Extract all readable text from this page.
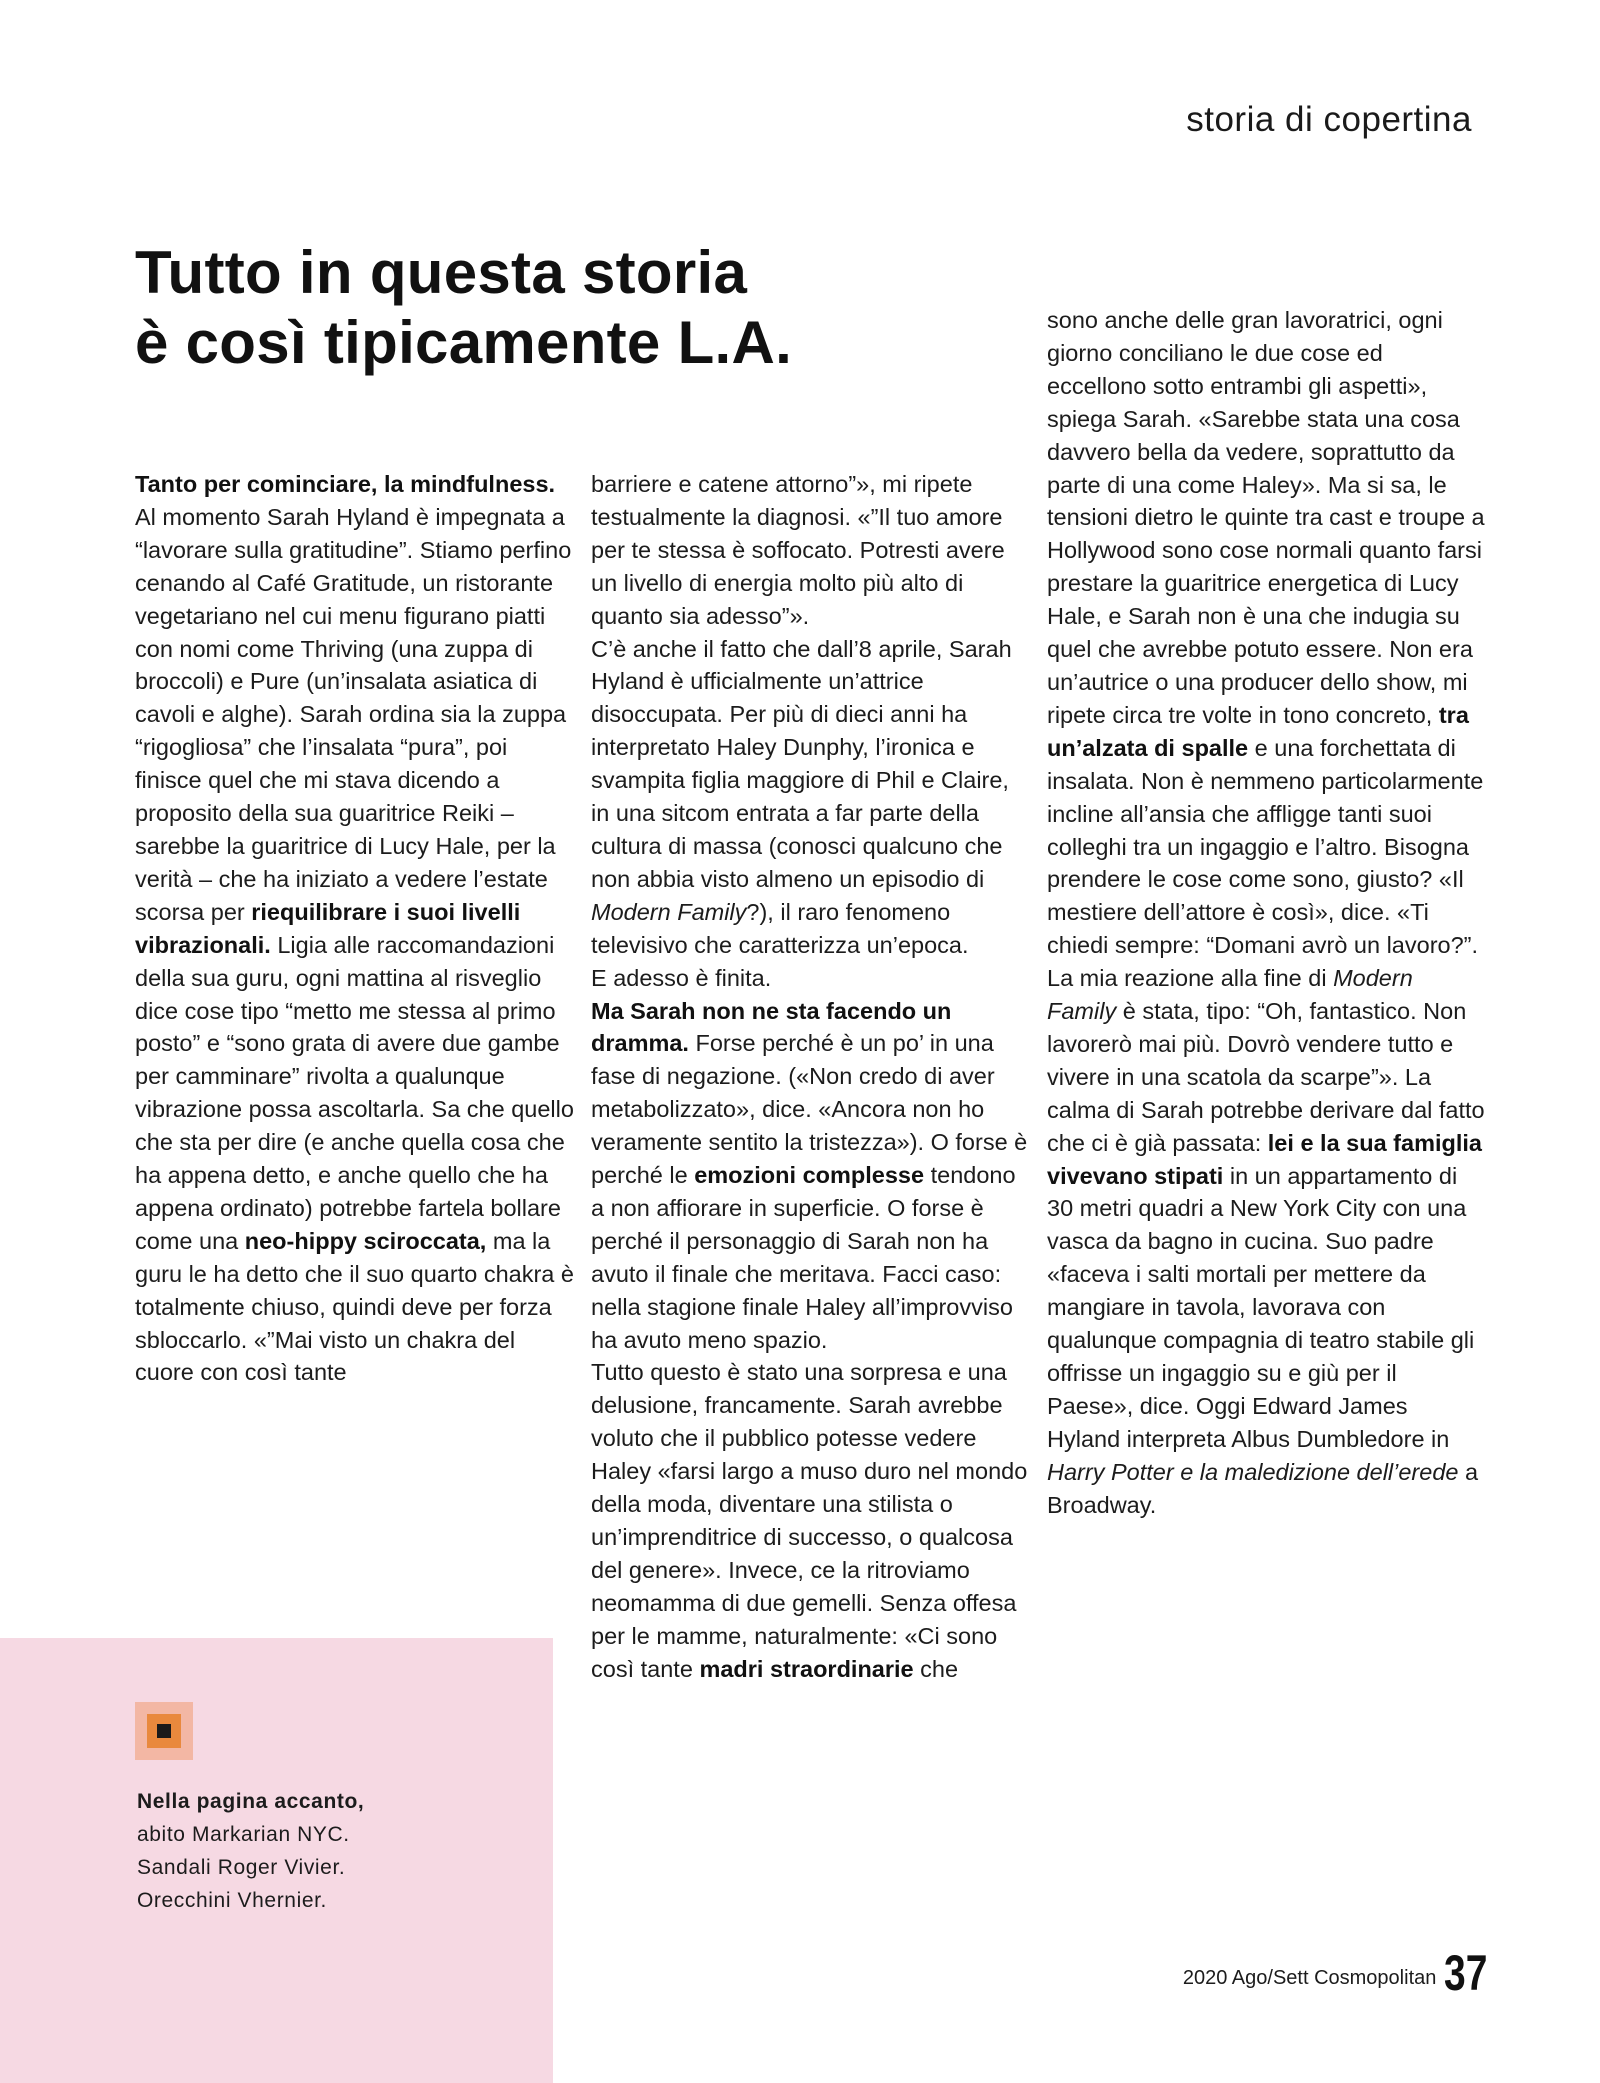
storia di copertina
Tutto in questa storia
è così tipicamente L.A.

Tanto per cominciare, la mindfulness. Al momento Sarah Hyland è impegnata a “lavorare sulla gratitudine”. Stiamo perfino cenando al Café Gratitude, un ristorante vegetariano nel cui menu figurano piatti con nomi come Thriving (una zuppa di broccoli) e Pure (un’insalata asiatica di cavoli e alghe). Sarah ordina sia la zuppa “rigogliosa” che l’insalata “pura”, poi finisce quel che mi stava dicendo a proposito della sua guaritrice Reiki – sarebbe la guaritrice di Lucy Hale, per la verità – che ha iniziato a vedere l’estate scorsa per riequilibrare i suoi livelli vibrazionali. Ligia alle raccomandazioni della sua guru, ogni mattina al risveglio dice cose tipo “metto me stessa al primo posto” e “sono grata di avere due gambe per camminare” rivolta a qualunque vibrazione possa ascoltarla. Sa che quello che sta per dire (e anche quella cosa che ha appena detto, e anche quello che ha appena ordinato) potrebbe fartela bollare come una neo-hippy sciroccata, ma la guru le ha detto che il suo quarto chakra è totalmente chiuso, quindi deve per forza sbloccarlo. «”Mai visto un chakra del cuore con così tante

barriere e catene attorno”», mi ripete testualmente la diagnosi. «”Il tuo amore per te stessa è soffocato. Potresti avere un livello di energia molto più alto di quanto sia adesso”».

C’è anche il fatto che dall’8 aprile, Sarah Hyland è ufficialmente un’attrice disoccupata. Per più di dieci anni ha interpretato Haley Dunphy, l’ironica e svampita figlia maggiore di Phil e Claire, in una sitcom entrata a far parte della cultura di massa (conosci qualcuno che non abbia visto almeno un episodio di Modern Family?), il raro fenomeno televisivo che caratterizza un’epoca.

E adesso è finita.

Ma Sarah non ne sta facendo un dramma. Forse perché è un po’ in una fase di negazione. («Non credo di aver metabolizzato», dice. «Ancora non ho veramente sentito la tristezza»). O forse è perché le emozioni complesse tendono a non affiorare in superficie. O forse è perché il personaggio di Sarah non ha avuto il finale che meritava. Facci caso: nella stagione finale Haley all’improvviso ha avuto meno spazio.

Tutto questo è stato una sorpresa e una delusione, francamente. Sarah avrebbe voluto che il pubblico potesse vedere Haley «farsi largo a muso duro nel mondo della moda, diventare una stilista o un’imprenditrice di successo, o qualcosa del genere». Invece, ce la ritroviamo neomamma di due gemelli. Senza offesa per le mamme, naturalmente: «Ci sono così tante madri straordinarie che

sono anche delle gran lavoratrici, ogni giorno conciliano le due cose ed eccellono sotto entrambi gli aspetti», spiega Sarah. «Sarebbe stata una cosa davvero bella da vedere, soprattutto da parte di una come Haley». Ma si sa, le tensioni dietro le quinte tra cast e troupe a Hollywood sono cose normali quanto farsi prestare la guaritrice energetica di Lucy Hale, e Sarah non è una che indugia su quel che avrebbe potuto essere. Non era un’autrice o una producer dello show, mi ripete circa tre volte in tono concreto, tra un’alzata di spalle e una forchettata di insalata. Non è nemmeno particolarmente incline all’ansia che affligge tanti suoi colleghi tra un ingaggio e l’altro. Bisogna prendere le cose come sono, giusto? «Il mestiere dell’attore è così», dice. «Ti chiedi sempre: “Domani avrò un lavoro?”. La mia reazione alla fine di Modern Family è stata, tipo: “Oh, fantastico. Non lavorerò mai più. Dovrò vendere tutto e vivere in una scatola da scarpe”». La calma di Sarah potrebbe derivare dal fatto che ci è già passata: lei e la sua famiglia vivevano stipati in un appartamento di 30 metri quadri a New York City con una vasca da bagno in cucina. Suo padre «faceva i salti mortali per mettere da mangiare in tavola, lavorava con qualunque compagnia di teatro stabile gli offrisse un ingaggio su e giù per il Paese», dice. Oggi Edward James Hyland interpreta Albus Dumbledore in Harry Potter e la maledizione dell’erede a Broadway.

Nella pagina accanto,
abito Markarian NYC.
Sandali Roger Vivier.
Orecchini Vhernier.
2020 Ago/Sett Cosmopolitan 37
